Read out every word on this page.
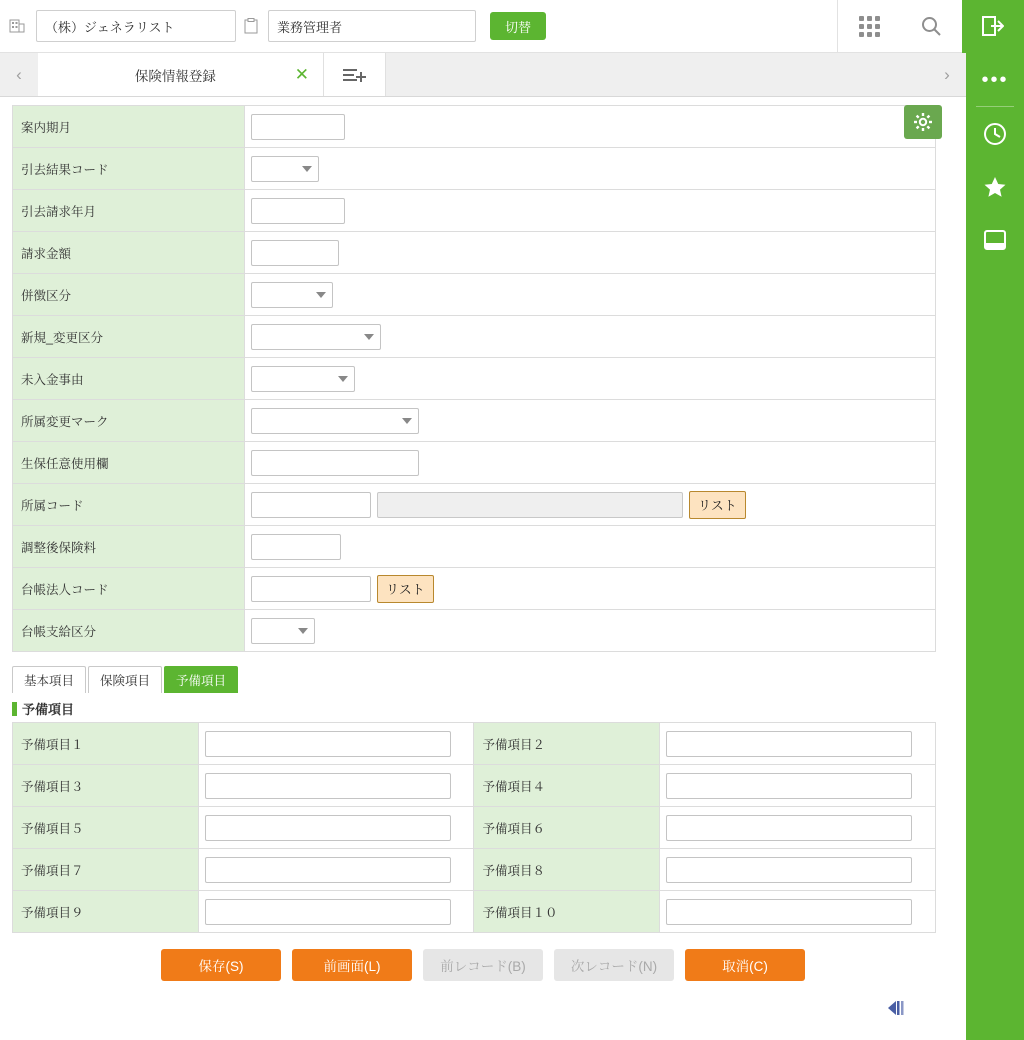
（株）ジェネラリスト	業務管理者	切替
‹	保険情報登録	✕	›	•••
案内期月	
引去結果コード	

引去請求年月	
請求金額	
併徴区分	

新規_変更区分	

未入金事由	

所属変更マーク	

生保任意使用欄	
所属コード	リスト
調整後保険料	
台帳法人コード	リスト
台帳支給区分	
基本項目	保険項目	予備項目
予備項目
予備項目１		予備項目２	
予備項目３		予備項目４	
予備項目５		予備項目６	
予備項目７		予備項目８	
予備項目９		予備項目１０	
保存(S)	前画面(L)	前レコード(B)	次レコード(N)	取消(C)
